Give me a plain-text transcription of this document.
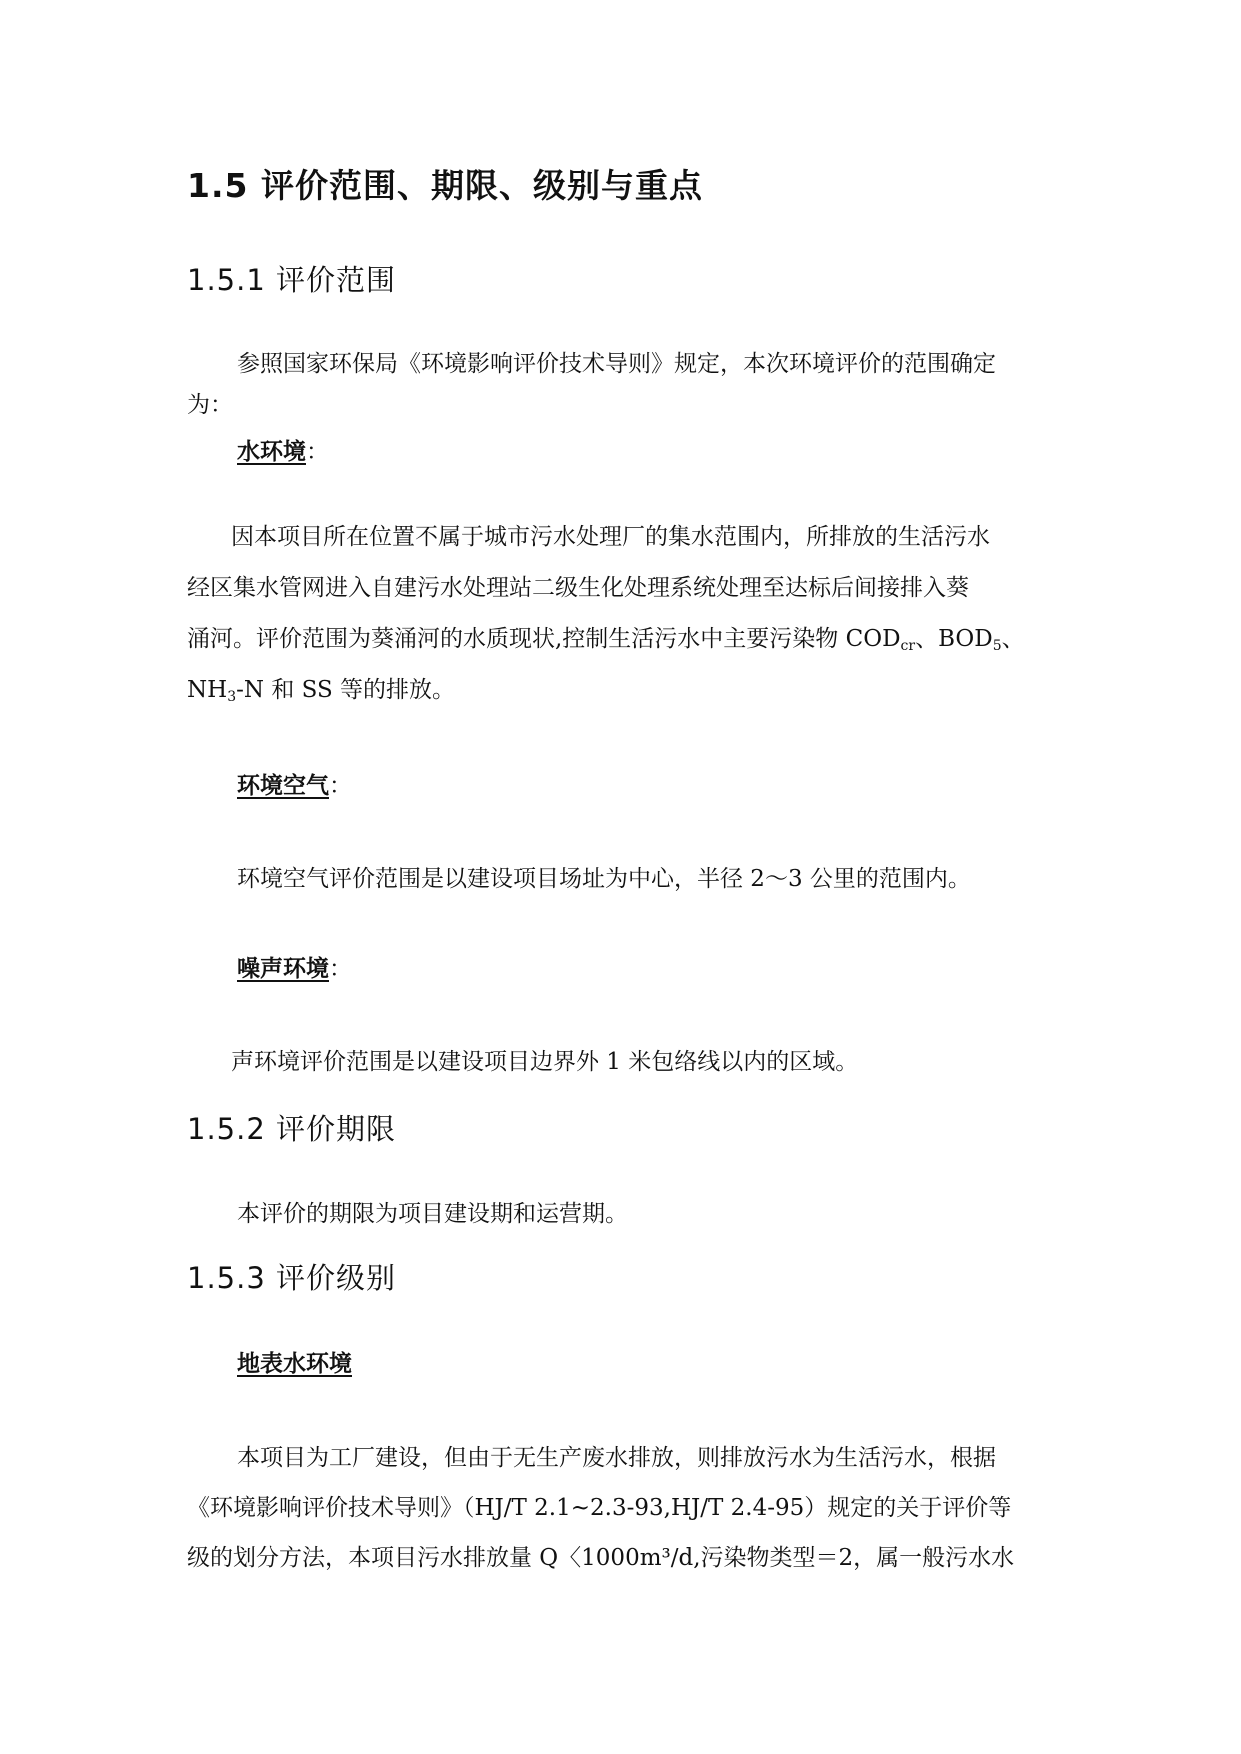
1.5 评价范围、期限、级别与重点
1.5.1 评价范围
参照国家环保局《环境影响评价技术导则》规定，本次环境评价的范围确定
为：
水环境：
因本项目所在位置不属于城市污水处理厂的集水范围内，所排放的生活污水
经区集水管网进入自建污水处理站二级生化处理系统处理至达标后间接排入葵
涌河。评价范围为葵涌河的水质现状,控制生活污水中主要污染物 $COD_{cr}$、$BOD_5$、
$NH_3-N$ 和 SS 等的排放。
环境空气：
环境空气评价范围是以建设项目场址为中心，半径 2～3 公里的范围内。
噪声环境：
声环境评价范围是以建设项目边界外 1 米包络线以内的区域。
1.5.2 评价期限
本评价的期限为项目建设期和运营期。
1.5.3 评价级别
地表水环境
本项目为工厂建设，但由于无生产废水排放，则排放污水为生活污水，根据
《环境影响评价技术导则》（HJ/T 2.1~2.3-93,HJ/T 2.4-95）规定的关于评价等
级的划分方法，本项目污水排放量 Q〈1000m³/d,污染物类型＝2，属一般污水水
